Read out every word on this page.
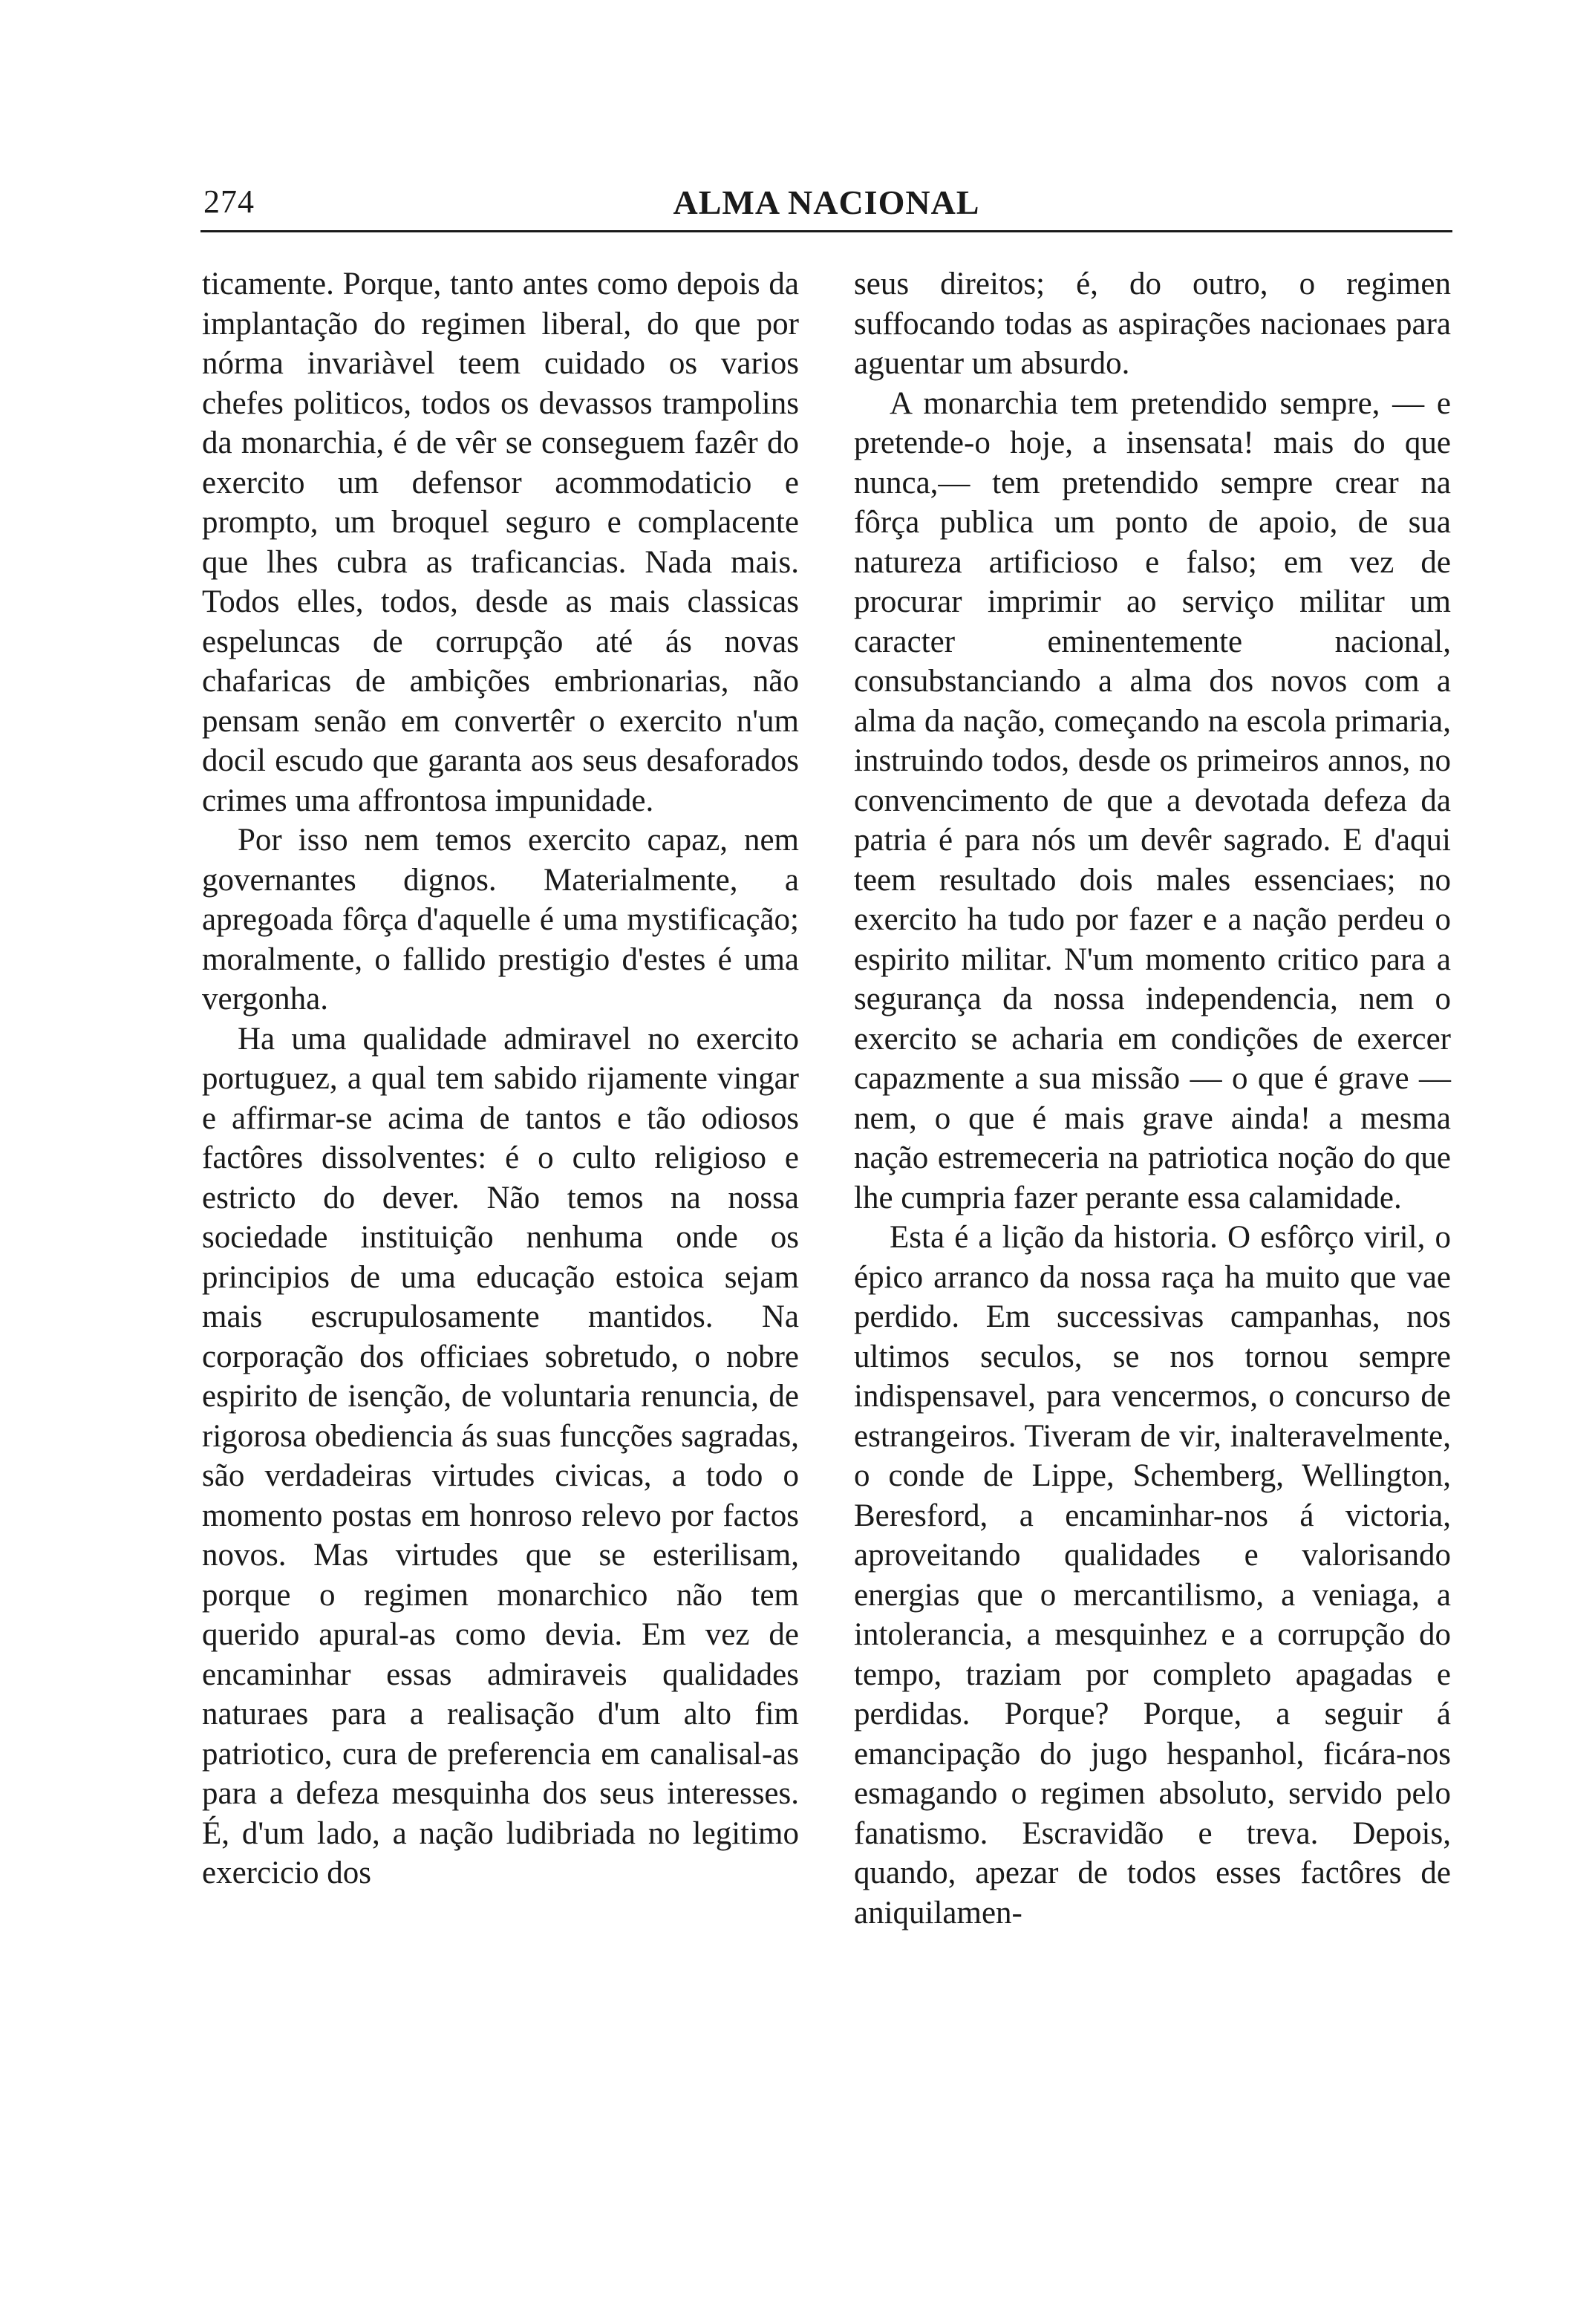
274	ALMA NACIONAL

ticamente. Porque, tanto antes como depois da implantação do regimen liberal, do que por nórma invariàvel teem cuidado os varios chefes politicos, todos os devassos trampolins da monarchia, é de vêr se conseguem fazêr do exercito um defensor acommodaticio e prompto, um broquel seguro e complacente que lhes cubra as traficancias. Nada mais. Todos elles, todos, desde as mais classicas espeluncas de corrupção até ás novas chafaricas de ambições embrionarias, não pensam senão em convertêr o exercito n'um docil escudo que garanta aos seus desaforados crimes uma affrontosa impunidade.

Por isso nem temos exercito capaz, nem governantes dignos. Materialmente, a apregoada fôrça d'aquelle é uma mystificação; moralmente, o fallido prestigio d'estes é uma vergonha.

Ha uma qualidade admiravel no exercito portuguez, a qual tem sabido rijamente vingar e affirmar-se acima de tantos e tão odiosos factôres dissolventes: é o culto religioso e estricto do dever. Não temos na nossa sociedade instituição nenhuma onde os principios de uma educação estoica sejam mais escrupulosamente mantidos. Na corporação dos officiaes sobretudo, o nobre espirito de isenção, de voluntaria renuncia, de rigorosa obediencia ás suas funcções sagradas, são verdadeiras virtudes civicas, a todo o momento postas em honroso relevo por factos novos. Mas virtudes que se esterilisam, porque o regimen monarchico não tem querido apural-as como devia. Em vez de encaminhar essas admiraveis qualidades naturaes para a realisação d'um alto fim patriotico, cura de preferencia em canalisal-as para a defeza mesquinha dos seus interesses. É, d'um lado, a nação ludibriada no legitimo exercicio dos

seus direitos; é, do outro, o regimen suffocando todas as aspirações nacionaes para aguentar um absurdo.

A monarchia tem pretendido sempre, — e pretende-o hoje, a insensata! mais do que nunca,— tem pretendido sempre crear na fôrça publica um ponto de apoio, de sua natureza artificioso e falso; em vez de procurar imprimir ao serviço militar um caracter eminentemente nacional, consubstanciando a alma dos novos com a alma da nação, começando na escola primaria, instruindo todos, desde os primeiros annos, no convencimento de que a devotada defeza da patria é para nós um devêr sagrado. E d'aqui teem resultado dois males essenciaes; no exercito ha tudo por fazer e a nação perdeu o espirito militar. N'um momento critico para a segurança da nossa independencia, nem o exercito se acharia em condições de exercer capazmente a sua missão — o que é grave — nem, o que é mais grave ainda! a mesma nação estremeceria na patriotica noção do que lhe cumpria fazer perante essa calamidade.

Esta é a lição da historia. O esfôrço viril, o épico arranco da nossa raça ha muito que vae perdido. Em successivas campanhas, nos ultimos seculos, se nos tornou sempre indispensavel, para vencermos, o concurso de estrangeiros. Tiveram de vir, inalteravelmente, o conde de Lippe, Schemberg, Wellington, Beresford, a encaminhar-nos á victoria, aproveitando qualidades e valorisando energias que o mercantilismo, a veniaga, a intolerancia, a mesquinhez e a corrupção do tempo, traziam por completo apagadas e perdidas. Porque? Porque, a seguir á emancipação do jugo hespanhol, ficára-nos esmagando o regimen absoluto, servido pelo fanatismo. Escravidão e treva. Depois, quando, apezar de todos esses factôres de aniquilamen-
